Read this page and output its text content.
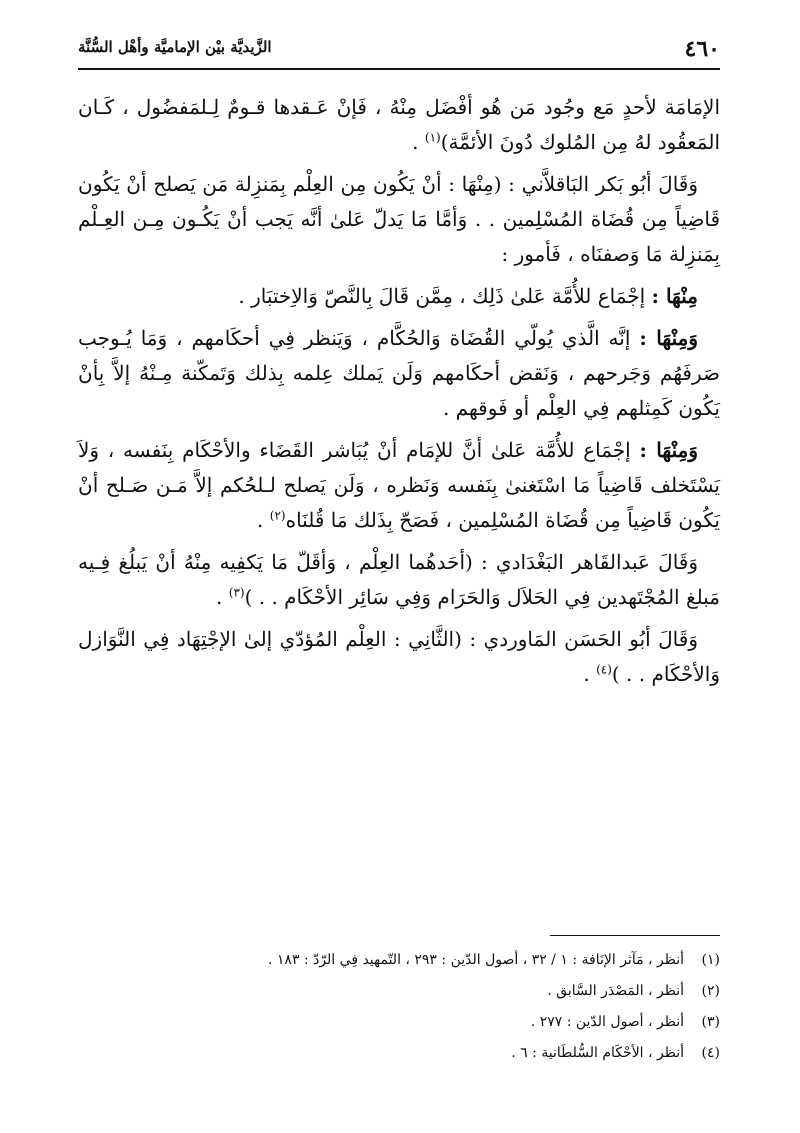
٤٦٠
الزَّيديَّة بيْن الإماميَّة وأهْل السُّنَّة

الإمَامَة لأحدٍ مَع وجُود مَن هُو أفْضَل مِنْهُ ، فَإنْ عَـقدها قـومٌ لِـلمَفضُول ، كَـان المَعقُود لهُ مِن المُلوك دُونَ الأئمَّة)$^{(١)}$ .

وَقَالَ أبُو بَكر البَاقلاَّني : (مِنْهَا : أنْ يَكُون مِن العِلْم بِمَنزِلة مَن يَصلح أنْ يَكُون قَاضِياً مِن قُضَاة المُسْلِمين . . وَأمَّا مَا يَدلّ عَلىٰ أنَّه يَجب أنْ يَكُـون مِـن العِـلْم بِمَنزِلة مَا وَصفنَاه ، فَأمور :

مِنْهَا : إجْمَاع للأُمَّة عَلىٰ ذَلِك ، مِمَّن قَالَ بِالنَّصّ وَالاِختبَار .

وَمِنْهَا : إنَّه الَّذي يُولّي القُضَاة وَالحُكَّام ، وَيَنظر فِي أحكَامهم ، وَمَا يُـوجب صَرفَهُم وَجَرحهم ، وَنَقض أحكَامهم وَلَن يَملك عِلمه بِذلك وَتَمكّنة مِـنْهُ إلاَّ بِأنْ يَكُون كَمِثلهم فِي العِلْم أو فَوقهم .

وَمِنْهَا : إجْمَاع للأُمَّة عَلىٰ أنَّ للإمَام أنْ يُبَاشر القَضَاء والأحْكَام بِنَفسه ، وَلاَ يَسْتَخلف قَاضِياً مَا اسْتَغنىٰ بِنَفسه وَنَظره ، وَلَن يَصلح لـلحُكم إلاَّ مَـن صَـلح أنْ يَكُون قَاضِياً مِن قُضَاة المُسْلِمين ، فَصَحّ بِذَلك مَا قُلنَاه$^{(٢)}$ .

وَقَالَ عَبدالقَاهر البَغْدَادي : (أحَدهُما العِلْم ، وَأقَلّ مَا يَكفِيه مِنْهُ أنْ يَبلُغ فِـيه مَبلغ المُجْتَهدين فِي الحَلاَل وَالحَرَام وَفِي سَائِر الأحْكَام . . )$^{(٣)}$ .

وَقَالَ أبُو الحَسَن المَاوردي : (الثَّانِي : العِلْم المُؤدّي إلىٰ الإجْتِهَاد فِي النَّوَازل وَالأحْكَام . . )$^{(٤)}$ .

(١)أنظر ، مَآثر الإنَافة : ١ / ٣٢ ، أصول الدّين : ٢٩٣ ، التّمهيد فِي الرّدّ : ١٨٣ .

(٢)أنظر ، المَصْدَر السَّابق .

(٣)أنظر ، أصول الدّين : ٢٧٧ .

(٤)أنظر ، الأحْكَام السُّلطَانية : ٦ .
